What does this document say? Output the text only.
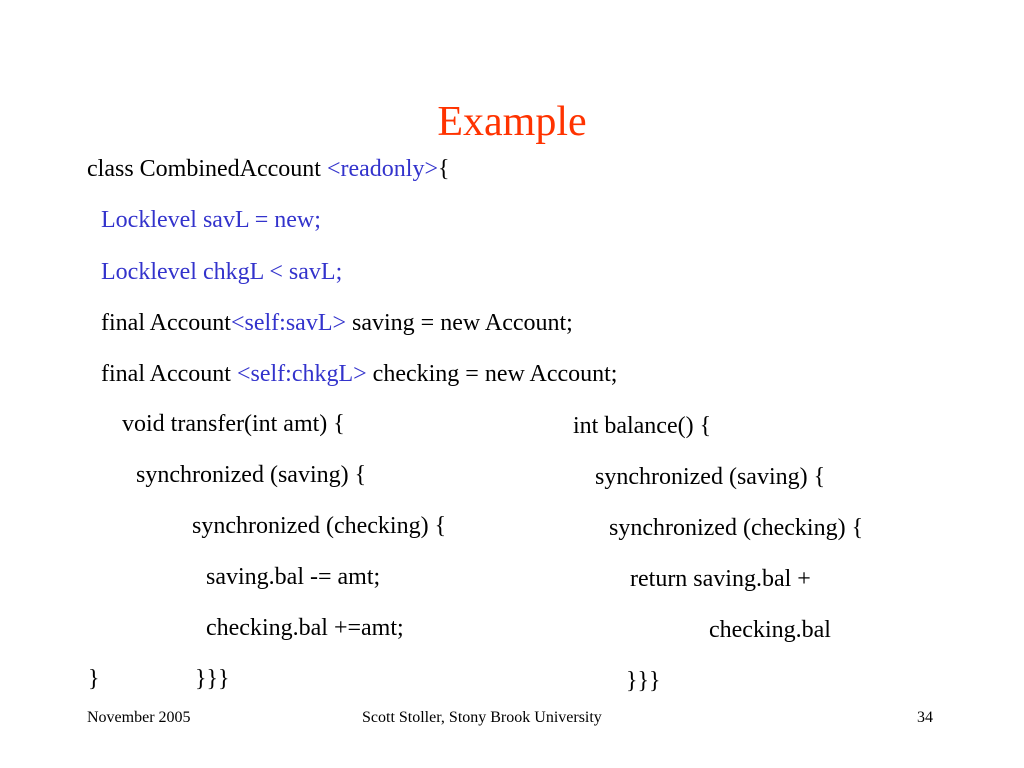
Example
class CombinedAccount <readonly>{
Locklevel savL = new;
Locklevel chkgL < savL;
final Account<self:savL> saving = new Account;
final Account <self:chkgL> checking = new Account;
void transfer(int amt) {
synchronized (saving) {
synchronized (checking) {
saving.bal -= amt;
checking.bal +=amt;
}	}}}
int balance() {
synchronized (saving) {
synchronized (checking) {
return saving.bal +
checking.bal
}}}
November 2005	Scott Stoller, Stony Brook University	34
